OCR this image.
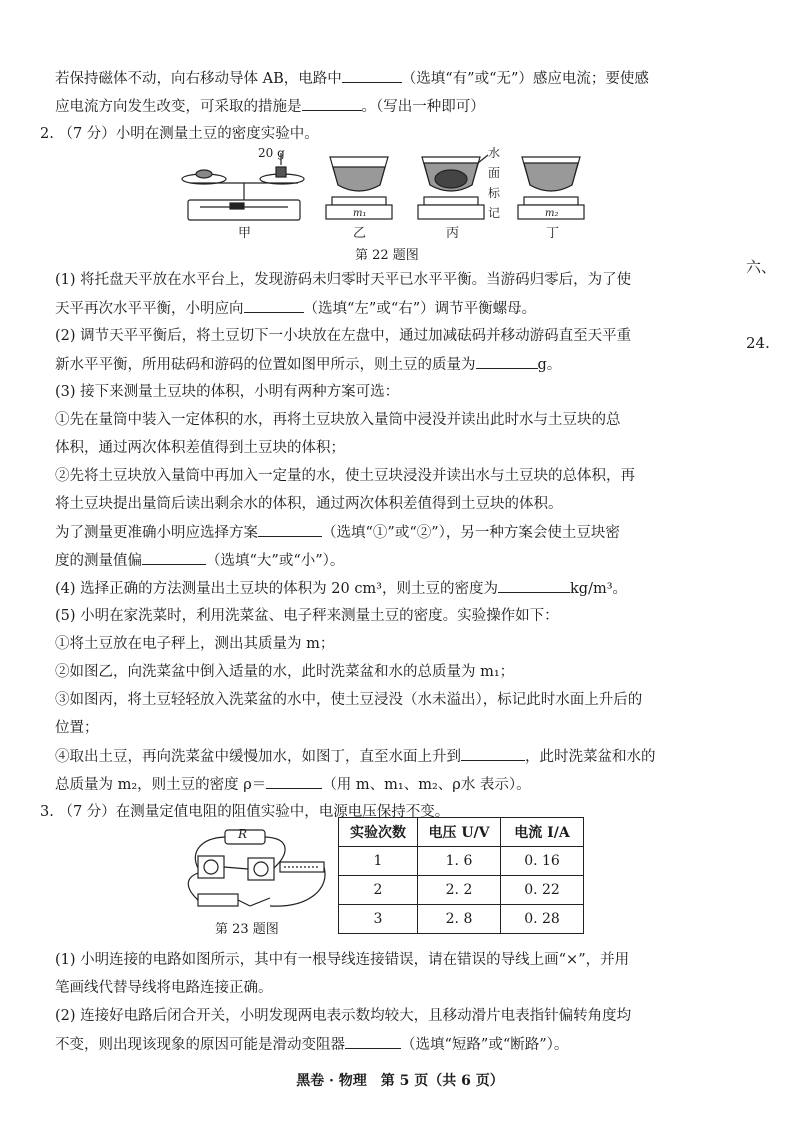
若保持磁体不动，向右移动导体 AB，电路中	（选填“有”或“无”）感应电流；要使感
应电流方向发生改变，可采取的措施是	。（写出一种即可）
2. （7 分）小明在测量土豆的密度实验中。
20 g
甲
m₁
乙	丙
水
面
标
记	m₂
丁
第 22 题图
(1) 将托盘天平放在水平台上，发现游码未归零时天平已水平平衡。当游码归零后，为了使
天平再次水平平衡，小明应向	（选填“左”或“右”）调节平衡螺母。
(2) 调节天平平衡后，将土豆切下一小块放在左盘中，通过加减砝码并移动游码直至天平重
新水平平衡，所用砝码和游码的位置如图甲所示，则土豆的质量为	g。
(3) 接下来测量土豆块的体积，小明有两种方案可选：
①先在量筒中装入一定体积的水，再将土豆块放入量筒中浸没并读出此时水与土豆块的总
体积，通过两次体积差值得到土豆块的体积；
②先将土豆块放入量筒中再加入一定量的水，使土豆块浸没并读出水与土豆块的总体积，再
将土豆块提出量筒后读出剩余水的体积，通过两次体积差值得到土豆块的体积。
为了测量更准确小明应选择方案	（选填“①”或“②”），另一种方案会使土豆块密
度的测量值偏	（选填“大”或“小”）。
(4) 选择正确的方法测量出土豆块的体积为 20 cm³，则土豆的密度为	kg/m³。
(5) 小明在家洗菜时，利用洗菜盆、电子秤来测量土豆的密度。实验操作如下：
①将土豆放在电子秤上，测出其质量为 m；
②如图乙，向洗菜盆中倒入适量的水，此时洗菜盆和水的总质量为 m₁；
③如图丙，将土豆轻轻放入洗菜盆的水中，使土豆浸没（水未溢出），标记此时水面上升后的
位置；
④取出土豆，再向洗菜盆中缓慢加水，如图丁，直至水面上升到	，此时洗菜盆和水的
总质量为 m₂，则土豆的密度 ρ＝	（用 m、m₁、m₂、ρ水 表示）。
3. （7 分）在测量定值电阻的阻值实验中，电源电压保持不变。
R
第 23 题图
实验次数	电压 U/V	电流 I/A
1	1. 6	0. 16
2	2. 2	0. 22
3	2. 8	0. 28
(1) 小明连接的电路如图所示，其中有一根导线连接错误，请在错误的导线上画“×”，并用
笔画线代替导线将电路连接正确。
(2) 连接好电路后闭合开关，小明发现两电表示数均较大，且移动滑片电表指针偏转角度均
不变，则出现该现象的原因可能是滑动变阻器	（选填“短路”或“断路”）。
六、
24.
黑卷 · 物理　第 5 页（共 6 页）
